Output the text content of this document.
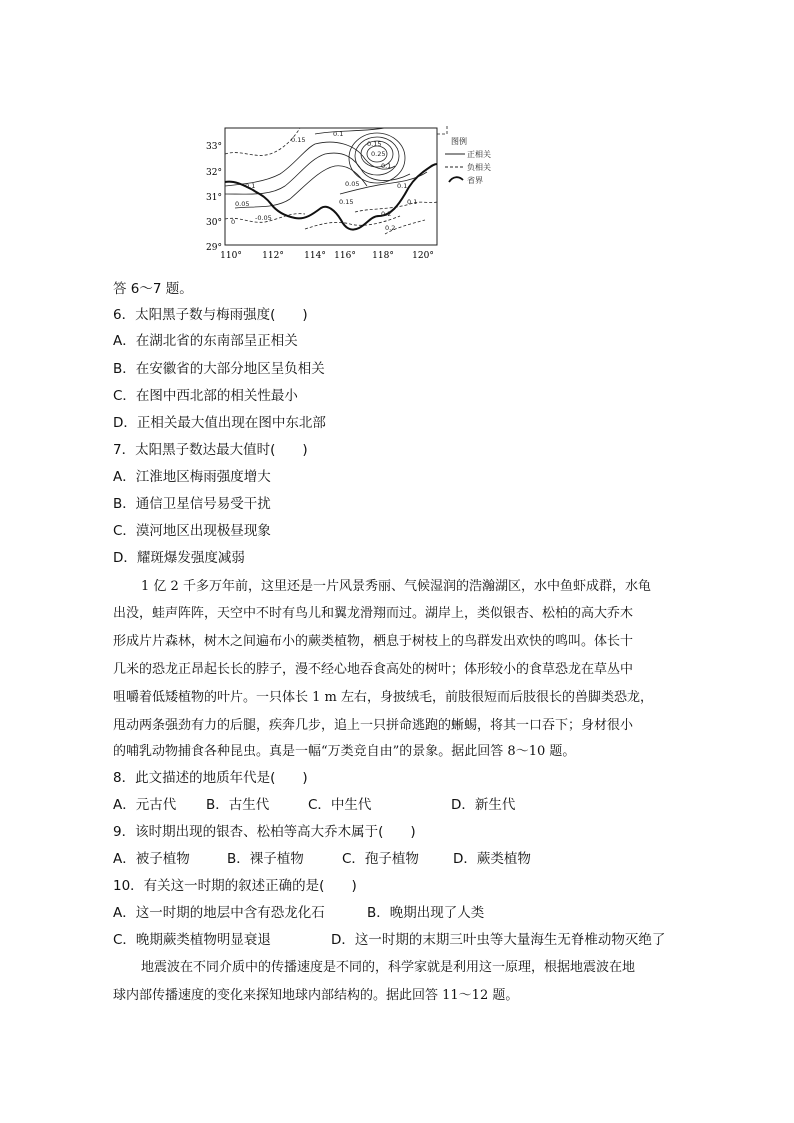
33°
32°
31°
30°
29°
110° 112° 114° 116° 118° 120°
0.15
0.1
0.1
0.05
0.15
0.25
0.1
0.05
0.15
-0.05
0
0.1
0.1
0.2
0.2
图例
正相关
负相关
省界
答 6～7 题。
6．太阳黑子数与梅雨强度(　　)
A．在湖北省的东南部呈正相关
B．在安徽省的大部分地区呈负相关
C．在图中西北部的相关性最小
D．正相关最大值出现在图中东北部
7．太阳黑子数达最大值时(　　)
A．江淮地区梅雨强度增大
B．通信卫星信号易受干扰
C．漠河地区出现极昼现象
D．耀斑爆发强度减弱
1 亿 2 千多万年前，这里还是一片风景秀丽、气候湿润的浩瀚湖区，水中鱼虾成群，水龟
出没，蛙声阵阵，天空中不时有鸟儿和翼龙滑翔而过。湖岸上，类似银杏、松柏的高大乔木
形成片片森林，树木之间遍布小的蕨类植物，栖息于树枝上的鸟群发出欢快的鸣叫。体长十
几米的恐龙正昂起长长的脖子，漫不经心地吞食高处的树叶；体形较小的食草恐龙在草丛中
咀嚼着低矮植物的叶片。一只体长 1 m 左右，身披绒毛，前肢很短而后肢很长的兽脚类恐龙，
甩动两条强劲有力的后腿，疾奔几步，追上一只拼命逃跑的蜥蜴，将其一口吞下；身材很小
的哺乳动物捕食各种昆虫。真是一幅“万类竞自由”的景象。据此回答 8～10 题。
8．此文描述的地质年代是(　　)
A．元古代 B．古生代	C．中生代	D．新生代
9．该时期出现的银杏、松柏等高大乔木属于(　　)
A．被子植物	B．裸子植物	C．孢子植物	D．蕨类植物
10．有关这一时期的叙述正确的是(　　)
A．这一时期的地层中含有恐龙化石	B．晚期出现了人类
C．晚期蕨类植物明显衰退	D．这一时期的末期三叶虫等大量海生无脊椎动物灭绝了
地震波在不同介质中的传播速度是不同的，科学家就是利用这一原理，根据地震波在地
球内部传播速度的变化来探知地球内部结构的。据此回答 11～12 题。
